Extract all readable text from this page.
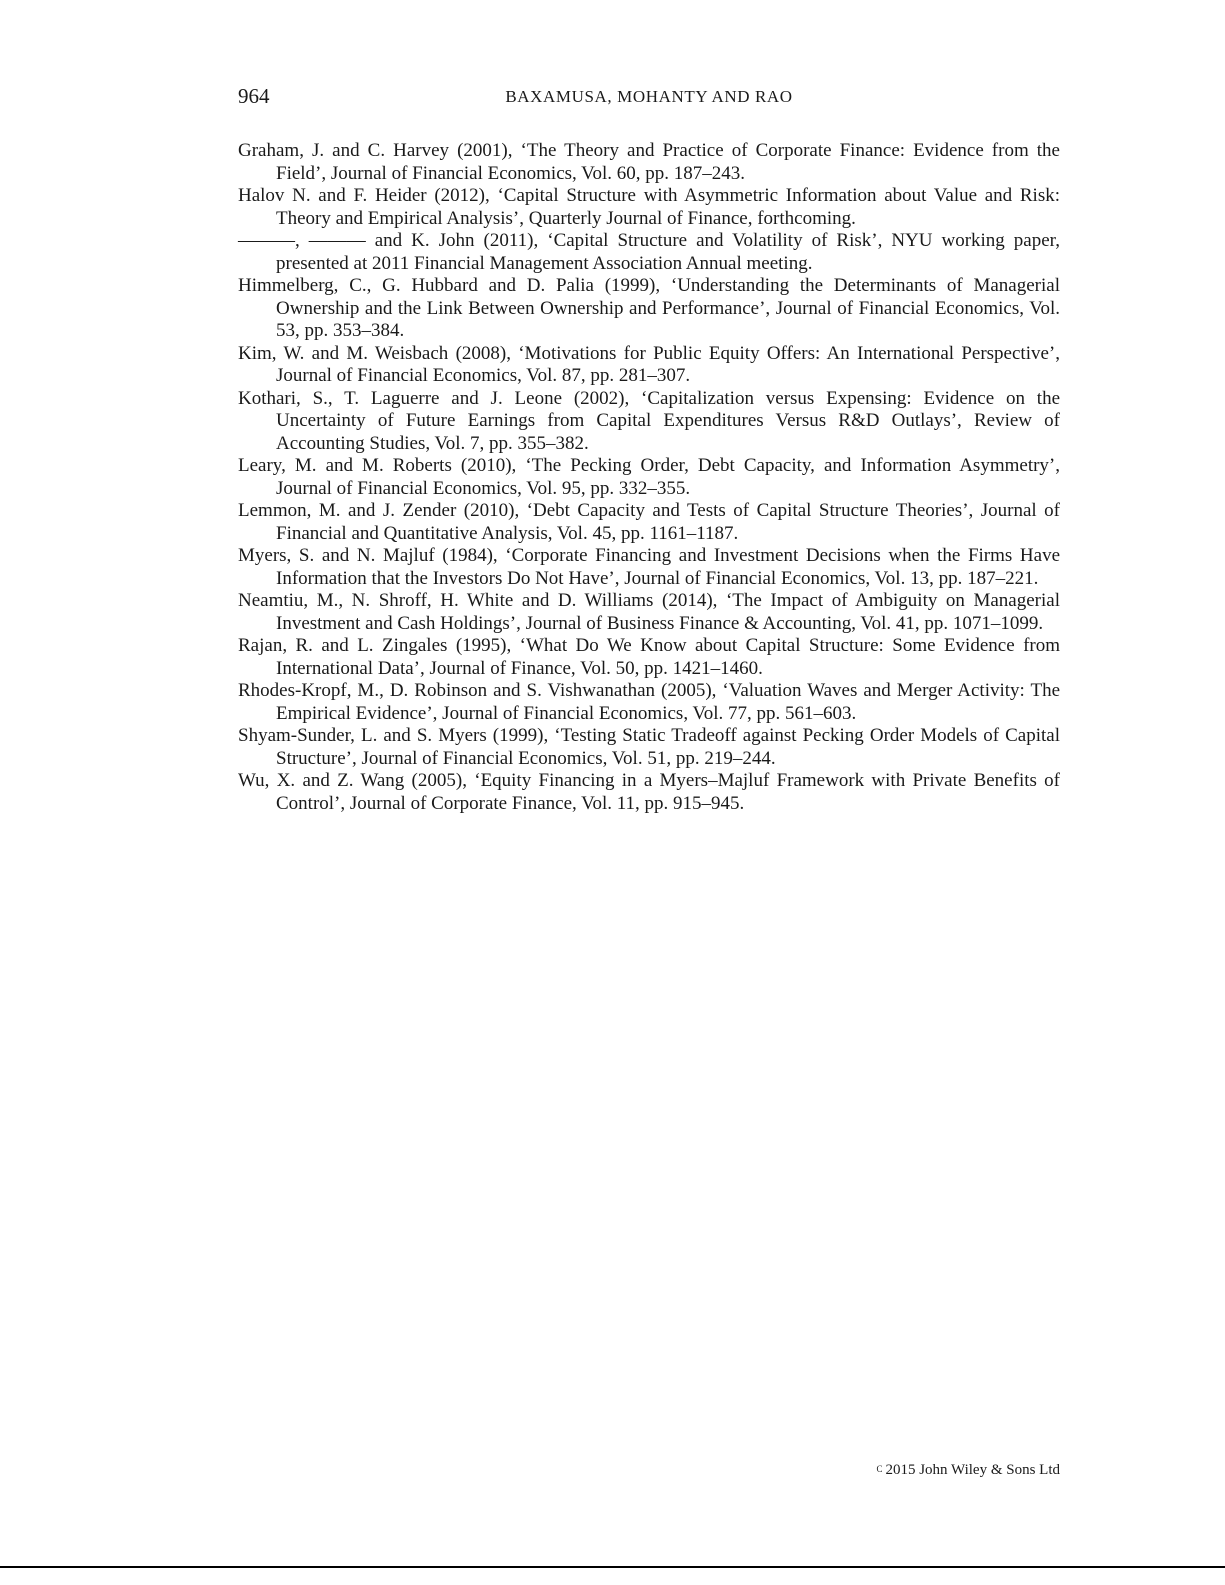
964	BAXAMUSA, MOHANTY AND RAO
Graham, J. and C. Harvey (2001), ‘The Theory and Practice of Corporate Finance: Evidence from the Field’, Journal of Financial Economics, Vol. 60, pp. 187–243.
Halov N. and F. Heider (2012), ‘Capital Structure with Asymmetric Information about Value and Risk: Theory and Empirical Analysis’, Quarterly Journal of Finance, forthcoming.
———, ——— and K. John (2011), ‘Capital Structure and Volatility of Risk’, NYU working paper, presented at 2011 Financial Management Association Annual meeting.
Himmelberg, C., G. Hubbard and D. Palia (1999), ‘Understanding the Determinants of Managerial Ownership and the Link Between Ownership and Performance’, Journal of Financial Economics, Vol. 53, pp. 353–384.
Kim, W. and M. Weisbach (2008), ‘Motivations for Public Equity Offers: An International Perspective’, Journal of Financial Economics, Vol. 87, pp. 281–307.
Kothari, S., T. Laguerre and J. Leone (2002), ‘Capitalization versus Expensing: Evidence on the Uncertainty of Future Earnings from Capital Expenditures Versus R&D Outlays’, Review of Accounting Studies, Vol. 7, pp. 355–382.
Leary, M. and M. Roberts (2010), ‘The Pecking Order, Debt Capacity, and Information Asymmetry’, Journal of Financial Economics, Vol. 95, pp. 332–355.
Lemmon, M. and J. Zender (2010), ‘Debt Capacity and Tests of Capital Structure Theories’, Journal of Financial and Quantitative Analysis, Vol. 45, pp. 1161–1187.
Myers, S. and N. Majluf (1984), ‘Corporate Financing and Investment Decisions when the Firms Have Information that the Investors Do Not Have’, Journal of Financial Economics, Vol. 13, pp. 187–221.
Neamtiu, M., N. Shroff, H. White and D. Williams (2014), ‘The Impact of Ambiguity on Managerial Investment and Cash Holdings’, Journal of Business Finance & Accounting, Vol. 41, pp. 1071–1099.
Rajan, R. and L. Zingales (1995), ‘What Do We Know about Capital Structure: Some Evidence from International Data’, Journal of Finance, Vol. 50, pp. 1421–1460.
Rhodes-Kropf, M., D. Robinson and S. Vishwanathan (2005), ‘Valuation Waves and Merger Activity: The Empirical Evidence’, Journal of Financial Economics, Vol. 77, pp. 561–603.
Shyam-Sunder, L. and S. Myers (1999), ‘Testing Static Tradeoff against Pecking Order Models of Capital Structure’, Journal of Financial Economics, Vol. 51, pp. 219–244.
Wu, X. and Z. Wang (2005), ‘Equity Financing in a Myers–Majluf Framework with Private Benefits of Control’, Journal of Corporate Finance, Vol. 11, pp. 915–945.
$^C$ 2015 John Wiley & Sons Ltd
